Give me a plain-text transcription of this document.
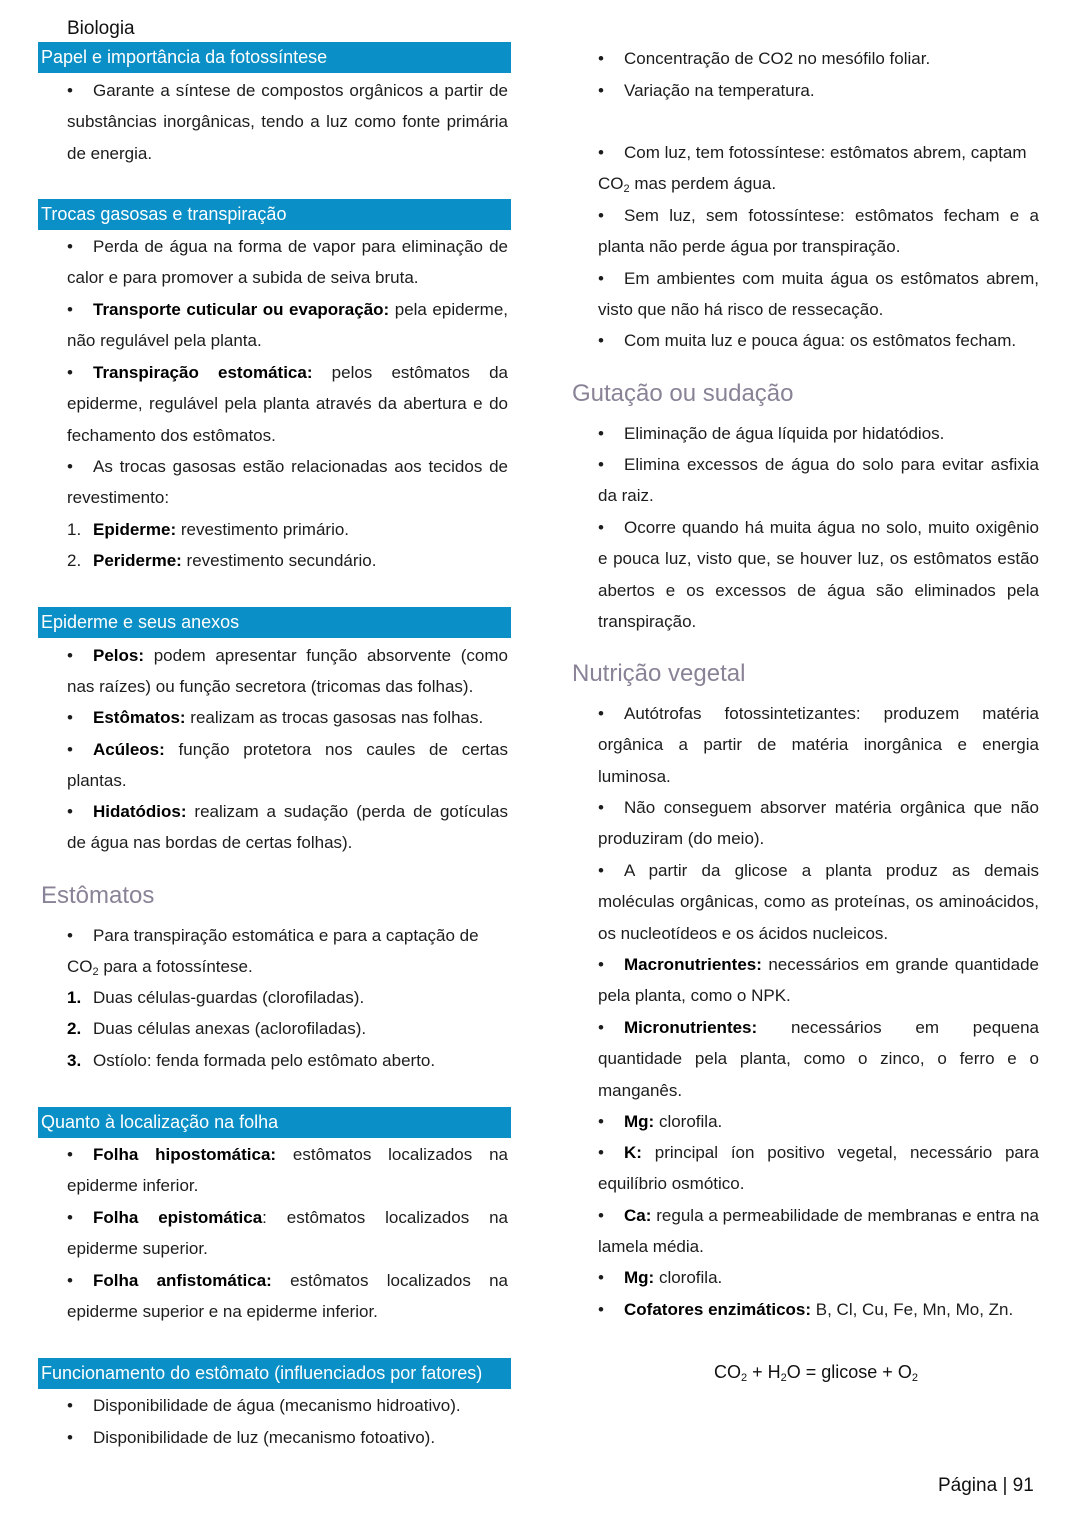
Biologia
Papel e importância da fotossíntese
• Garante a síntese de compostos orgânicos a partir de substâncias inorgânicas, tendo a luz como fonte primária de energia.
Trocas gasosas e transpiração
• Perda de água na forma de vapor para eliminação de calor e para promover a subida de seiva bruta.
• Transporte cuticular ou evaporação: pela epiderme, não regulável pela planta.
• Transpiração estomática: pelos estômatos da epiderme, regulável pela planta através da abertura e do fechamento dos estômatos.
• As trocas gasosas estão relacionadas aos tecidos de revestimento:
1. Epiderme: revestimento primário.
2. Periderme: revestimento secundário.
Epiderme e seus anexos
• Pelos: podem apresentar função absorvente (como nas raízes) ou função secretora (tricomas das folhas).
• Estômatos: realizam as trocas gasosas nas folhas.
• Acúleos: função protetora nos caules de certas plantas.
• Hidatódios: realizam a sudação (perda de gotículas de água nas bordas de certas folhas).
Estômatos
• Para transpiração estomática e para a captação de
$CO_2$ para a fotossíntese.
1. Duas células-guardas (clorofiladas).
2. Duas células anexas (aclorofiladas).
3. Ostíolo: fenda formada pelo estômato aberto.
Quanto à localização na folha
• Folha hipostomática: estômatos localizados na epiderme inferior.
• Folha epistomática: estômatos localizados na epiderme superior.
• Folha anfistomática: estômatos localizados na epiderme superior e na epiderme inferior.
Funcionamento do estômato (influenciados por fatores)
• Disponibilidade de água (mecanismo hidroativo).
• Disponibilidade de luz (mecanismo fotoativo).
• Concentração de CO2 no mesófilo foliar.
• Variação na temperatura.
• Com luz, tem fotossíntese: estômatos abrem, captam
$CO_2$ mas perdem água.
• Sem luz, sem fotossíntese: estômatos fecham e a planta não perde água por transpiração.
• Em ambientes com muita água os estômatos abrem, visto que não há risco de ressecação.
• Com muita luz e pouca água: os estômatos fecham.
Gutação ou sudação
• Eliminação de água líquida por hidatódios.
• Elimina excessos de água do solo para evitar asfixia da raiz.
• Ocorre quando há muita água no solo, muito oxigênio e pouca luz, visto que, se houver luz, os estômatos estão abertos e os excessos de água são eliminados pela transpiração.
Nutrição vegetal
• Autótrofas fotossintetizantes: produzem matéria orgânica a partir de matéria inorgânica e energia luminosa.
• Não conseguem absorver matéria orgânica que não produziram (do meio).
• A partir da glicose a planta produz as demais moléculas orgânicas, como as proteínas, os aminoácidos, os nucleotídeos e os ácidos nucleicos.
• Macronutrientes: necessários em grande quantidade pela planta, como o NPK.
• Micronutrientes: necessários em pequena quantidade pela planta, como o zinco, o ferro e o manganês.
• Mg: clorofila.
• K: principal íon positivo vegetal, necessário para equilíbrio osmótico.
• Ca: regula a permeabilidade de membranas e entra na lamela média.
• Mg: clorofila.
• Cofatores enzimáticos: B, Cl, Cu, Fe, Mn, Mo, Zn.
$CO_2 + H_2O = glicose + O_2$
Página | 91
